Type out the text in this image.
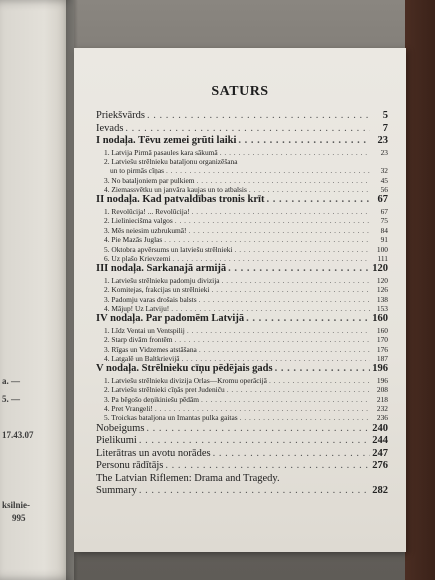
a. —
5. —
17.43.07
ksilnie-
995
SATURS
Priekšvārds . . .	5
Ievads . . .	7
I nodaļa. Tēvu zemei grūti laiki . . .	23
1. Latvija Pirmā pasaules kara sākumā . . .	23
2. Latviešu strēlnieku bataljonu organizēšana
un to pirmās cīņas . . .	32
3. No bataljoniem par pulkiem . . .	45
4. Ziemassvētku un janvāra kaujas un to atbalsis . . .	56
II nodaļa. Kad patvaldības tronis krīt . . .	67
1. Revolūcija! ... Revolūcija! . . .	67
2. Lieliniecišma valgos . . .	75
3. Mēs neiesim uzbrukumā! . . .	84
4. Pie Mazās Juglas . . .	91
5. Oktobra apvērsums un latviešu strēlnieki . . .	100
6. Uz plašo Krievzemi . . .	111
III nodaļa. Sarkanajā armijā . . .	120
1. Latviešu strēlnieku padomju divizija . . .	120
2. Komitejas, frakcijas un strēlnieki . . .	126
3. Padomju varas drošais balsts . . .	138
4. Mājup! Uz Latviju! . . .	153
IV nodaļa. Par padomēm Latvijā . . .	160
1. Līdz Ventai un Ventspilij . . .	160
2. Starp divām frontēm . . .	170
3. Rīgas un Vidzemes atstāšana . . .	176
4. Latgalē un Baltkrievijā . . .	187
V nodaļa. Strēlnieku cīņu pēdējais gads . . .	196
1. Latviešu strēlnieku divizija Orlas—Kromu operācijā . . .	196
2. Latviešu strēlnieki cīņās pret Judeniču . . .	208
3. Pa bēgošo deņikiniešu pēdām . . .	218
4. Pret Vrangeli! . . .	232
5. Troickas bataljona un Imantas pulka gaitas . . .	236
Nobeigums . . .	240
Pielikumi . . .	244
Literātras un avotu norādes . . .	247
Personu rādītājs . . .	276
The Latvian Riflemen: Drama and Tragedy.
Summary . . .	282
